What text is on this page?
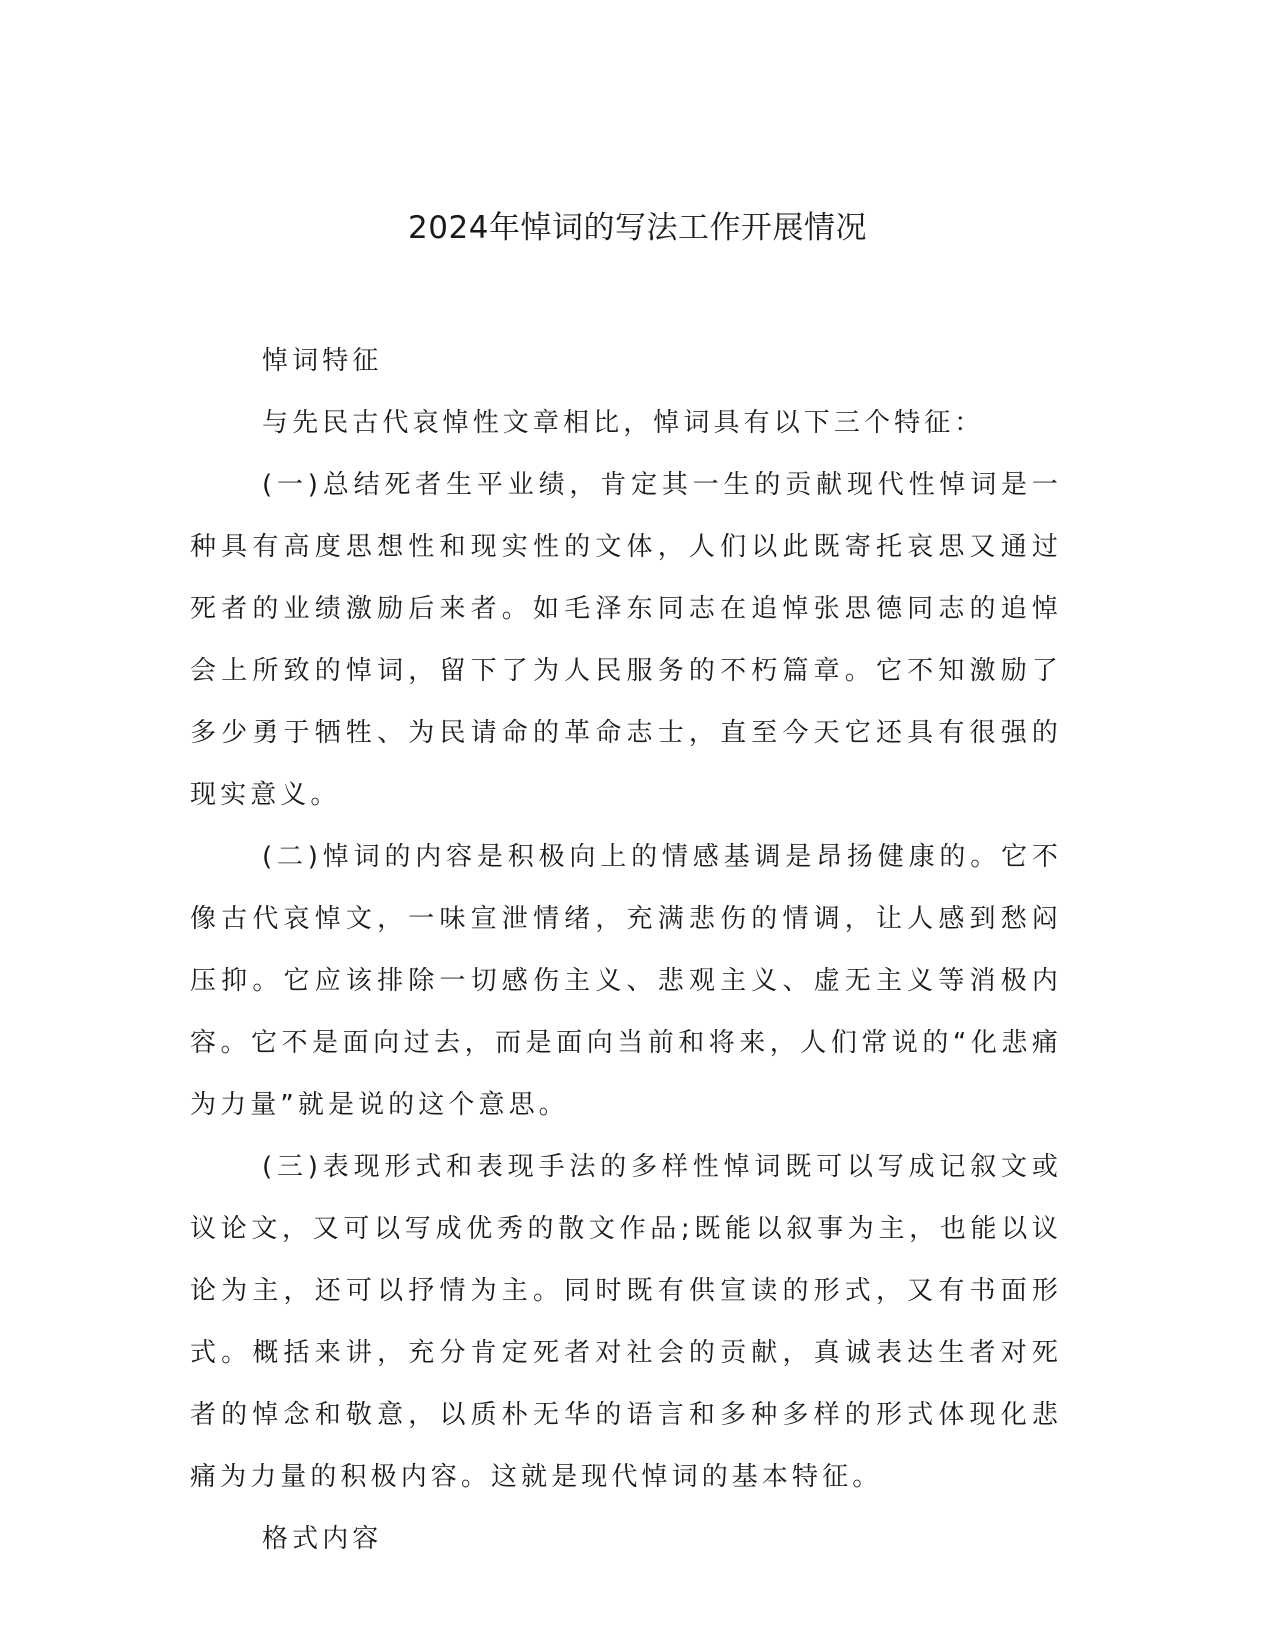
2024年悼词的写法工作开展情况

悼词特征

与先民古代哀悼性文章相比，悼词具有以下三个特征：

(一)总结死者生平业绩，肯定其一生的贡献现代性悼词是一种具有高度思想性和现实性的文体，人们以此既寄托哀思又通过死者的业绩激励后来者。如毛泽东同志在追悼张思德同志的追悼会上所致的悼词，留下了为人民服务的不朽篇章。它不知激励了多少勇于牺牲、为民请命的革命志士，直至今天它还具有很强的现实意义。

(二)悼词的内容是积极向上的情感基调是昂扬健康的。它不像古代哀悼文，一味宣泄情绪，充满悲伤的情调，让人感到愁闷压抑。它应该排除一切感伤主义、悲观主义、虚无主义等消极内容。它不是面向过去，而是面向当前和将来，人们常说的“化悲痛为力量”就是说的这个意思。

(三)表现形式和表现手法的多样性悼词既可以写成记叙文或议论文，又可以写成优秀的散文作品;既能以叙事为主，也能以议论为主，还可以抒情为主。同时既有供宣读的形式，又有书面形式。概括来讲，充分肯定死者对社会的贡献，真诚表达生者对死者的悼念和敬意，以质朴无华的语言和多种多样的形式体现化悲痛为力量的积极内容。这就是现代悼词的基本特征。

格式内容
